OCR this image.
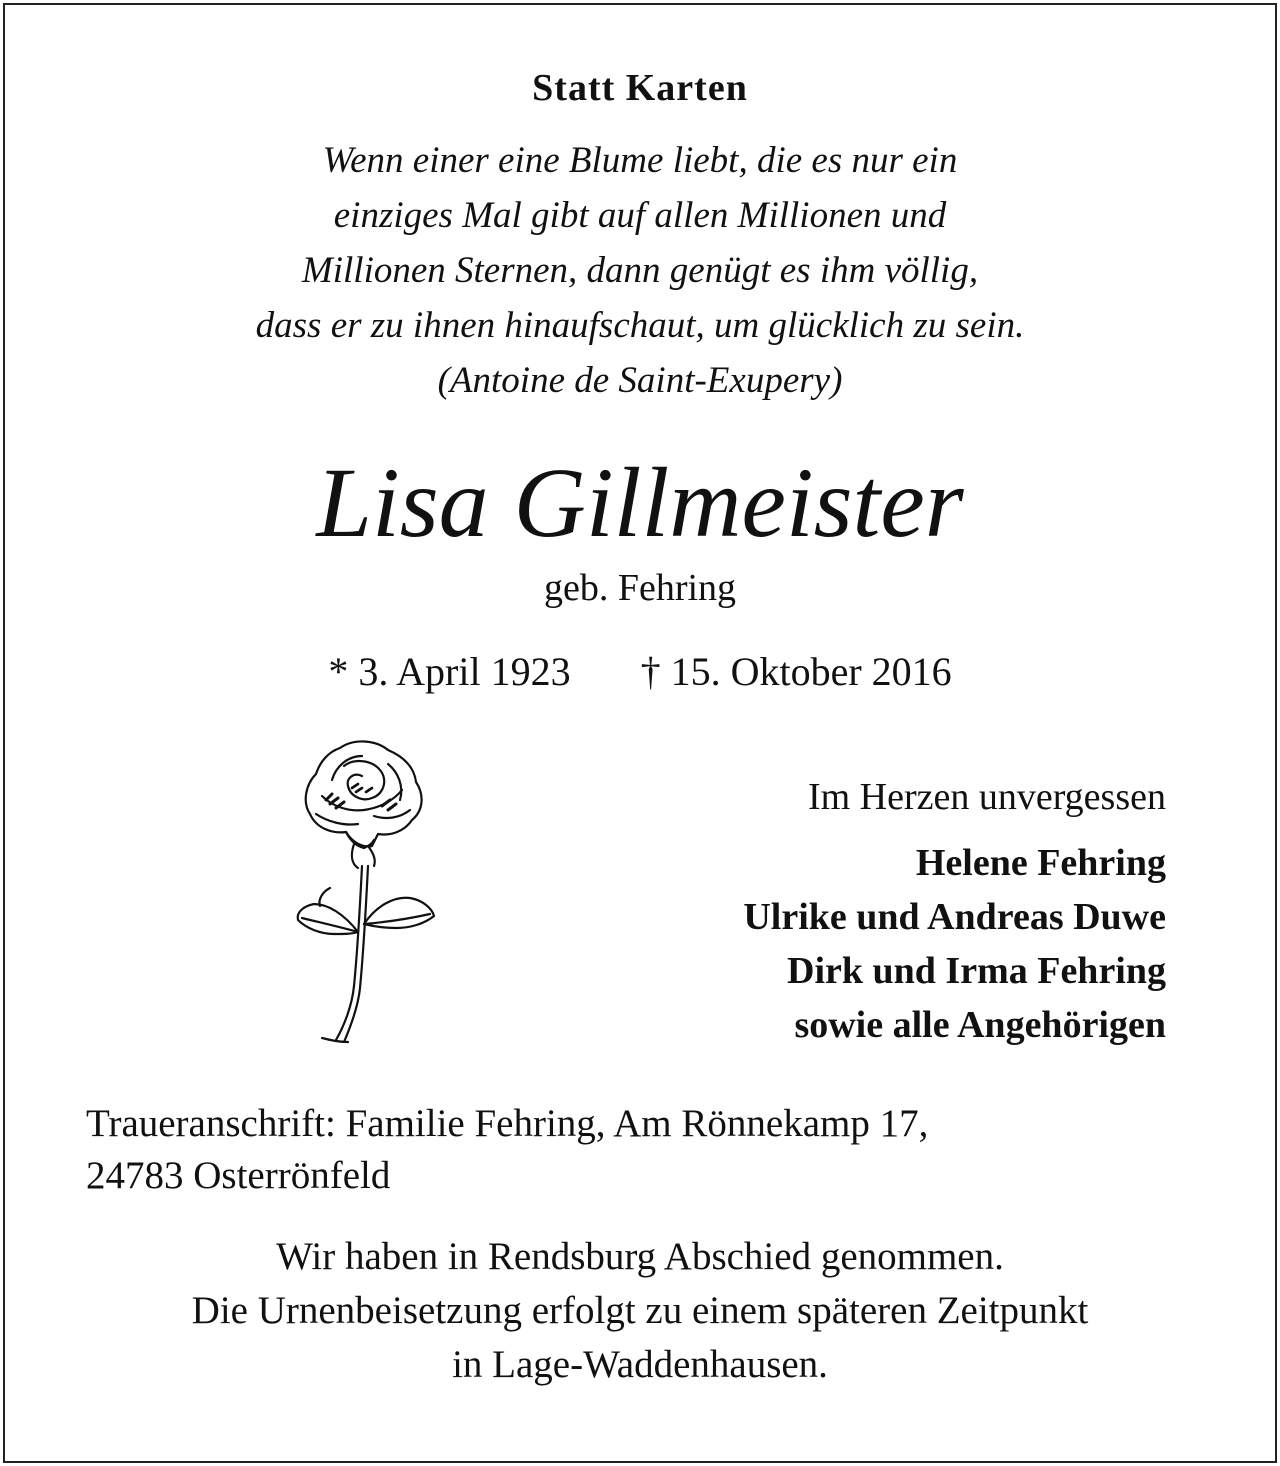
Statt Karten
Wenn einer eine Blume liebt, die es nur ein
einziges Mal gibt auf allen Millionen und
Millionen Sternen, dann genügt es ihm völlig,
dass er zu ihnen hinaufschaut, um glücklich zu sein.
(Antoine de Saint-Exupery)
Lisa Gillmeister
geb. Fehring
* 3. April 1923 † 15. Oktober 2016
Im Herzen unvergessen
Helene Fehring
Ulrike und Andreas Duwe
Dirk und Irma Fehring
sowie alle Angehörigen
Traueranschrift: Familie Fehring, Am Rönnekamp 17,
24783 Osterrönfeld
Wir haben in Rendsburg Abschied genommen.
Die Urnenbeisetzung erfolgt zu einem späteren Zeitpunkt
in Lage-Waddenhausen.
